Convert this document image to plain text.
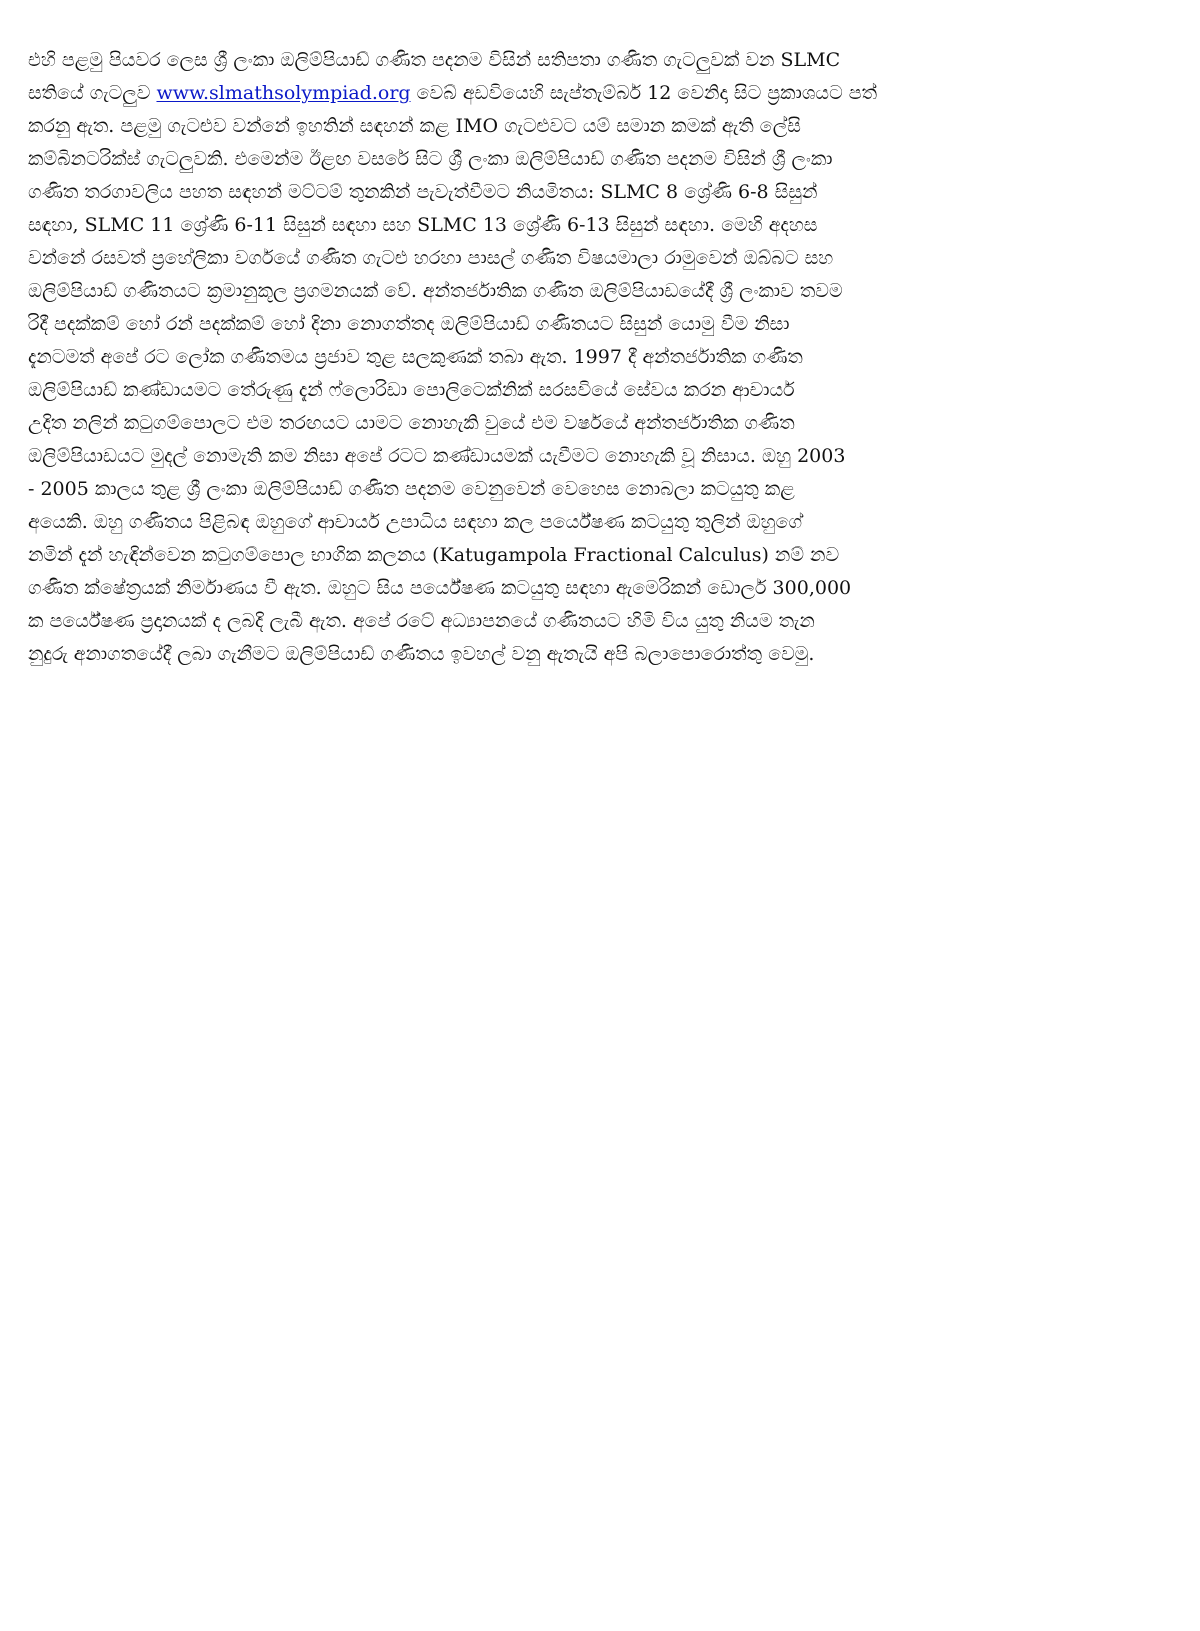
එහි පළමු පියවර ලෙස ශ්‍රී ලංකා ඔලිම්පියාඩ් ගණිත පදනම විසින් සතිපතා ගණිත ගැටලුවක් වන SLMC
සතියේ ගැටලුව www.slmathsolympiad.org වෙබ් අඩවියෙහි සැප්තැම්බර් 12 වෙනිදා සිට ප්‍රකාශයට පත්
කරනු ඇත. පළමු ගැටළුව වන්නේ ඉහතින් සඳහන් කළ IMO ගැටළුවට යම් සමාන කමක් ඇති ලේසි
කම්බිනටරික්ස් ගැටලුවකි. එමෙන්ම ඊළඟ වසරේ සිට ශ්‍රී ලංකා ඔලිම්පියාඩ් ගණිත පදනම විසින් ශ්‍රී ලංකා
ගණිත තරගාවලිය පහත සඳහන් මට්ටම් තුනකින් පැවැත්වීමට නියමිතය: SLMC 8 ශ්‍රේණි 6-8 සිසුන්
සඳහා, SLMC 11 ශ්‍රේණි 6-11 සිසුන් සඳහා සහ SLMC 13 ශ්‍රේණි 6-13 සිසුන් සඳහා. මෙහි අදහස
වන්නේ රසවත් ප්‍රහේලිකා වර්ගයේ ගණිත ගැටළු හරහා පාසල් ගණිත විෂයමාලා රාමුවෙන් ඔබ්බට සහ
ඔලිම්පියාඩ් ගණිතයට ක්‍රමානුකූල ප්‍රගමනයක් වේ. අන්තර්ජාතික ගණිත ඔලිම්පියාඩයේදී ශ්‍රී ලංකාව තවම
රිදී පදක්කම් හෝ රන් පදක්කම් හෝ දිනා නොගත්තද ඔලිම්පියාඩ් ගණිතයට සිසුන් යොමු වීම නිසා
දැනටමත් අපේ රට ලෝක ගණිතමය ප්‍රජාව තුළ සලකුණක් තබා ඇත. 1997 දී අන්තර්ජාතික ගණිත
ඔලිම්පියාඩ් කණ්ඩායමට තේරුණු දැන් ෆ්ලොරිඩා පොලිටෙක්නික් සරසවියේ සේවය කරන ආචාර්ය
උදිත නලින් කටුගම්පොලට එම තරඟයට යාමට නොහැකි වුයේ එම වර්ෂයේ අන්තර්ජාතික ගණිත
ඔලිම්පියාඩයට මුදල් නොමැති කම නිසා අපේ රටට කණ්ඩායමක් යැවීමට නොහැකි වූ නිසාය. ඔහු 2003
- 2005 කාලය තුළ ශ්‍රී ලංකා ඔලිම්පියාඩ් ගණිත පදනම වෙනුවෙන් වෙහෙස නොබලා කටයුතු කළ
අයෙකි. ඔහු ගණිතය පිළිබඳ ඔහුගේ ආචාර්ය උපාධිය සඳහා කල පර්යේෂණ කටයුතු තුලින් ඔහුගේ
නමින් දැන් හැඳින්වෙන කටුගම්පොල භාගික කලනය (Katugampola Fractional Calculus) නම් නව
ගණිත ක්ෂේත්‍රයක් නිර්මාණය වී ඇත. ඔහුට සිය පර්යේෂණ කටයුතු සඳහා ඇමෙරිකන් ඩොලර් 300,000
ක පර්යේෂණ ප්‍රදානයක් ද ලබදි ලැබී ඇත. අපේ රටේ අධ්‍යාපනයේ ගණිතයට හිමි විය යුතු නියම තැන
නුදුරු අනාගතයේදී ලබා ගැනීමට ඔලිම්පියාඩ් ගණිතය ඉවහල් වනු ඇතැයි අපි බලාපොරොත්තු වෙමු.
